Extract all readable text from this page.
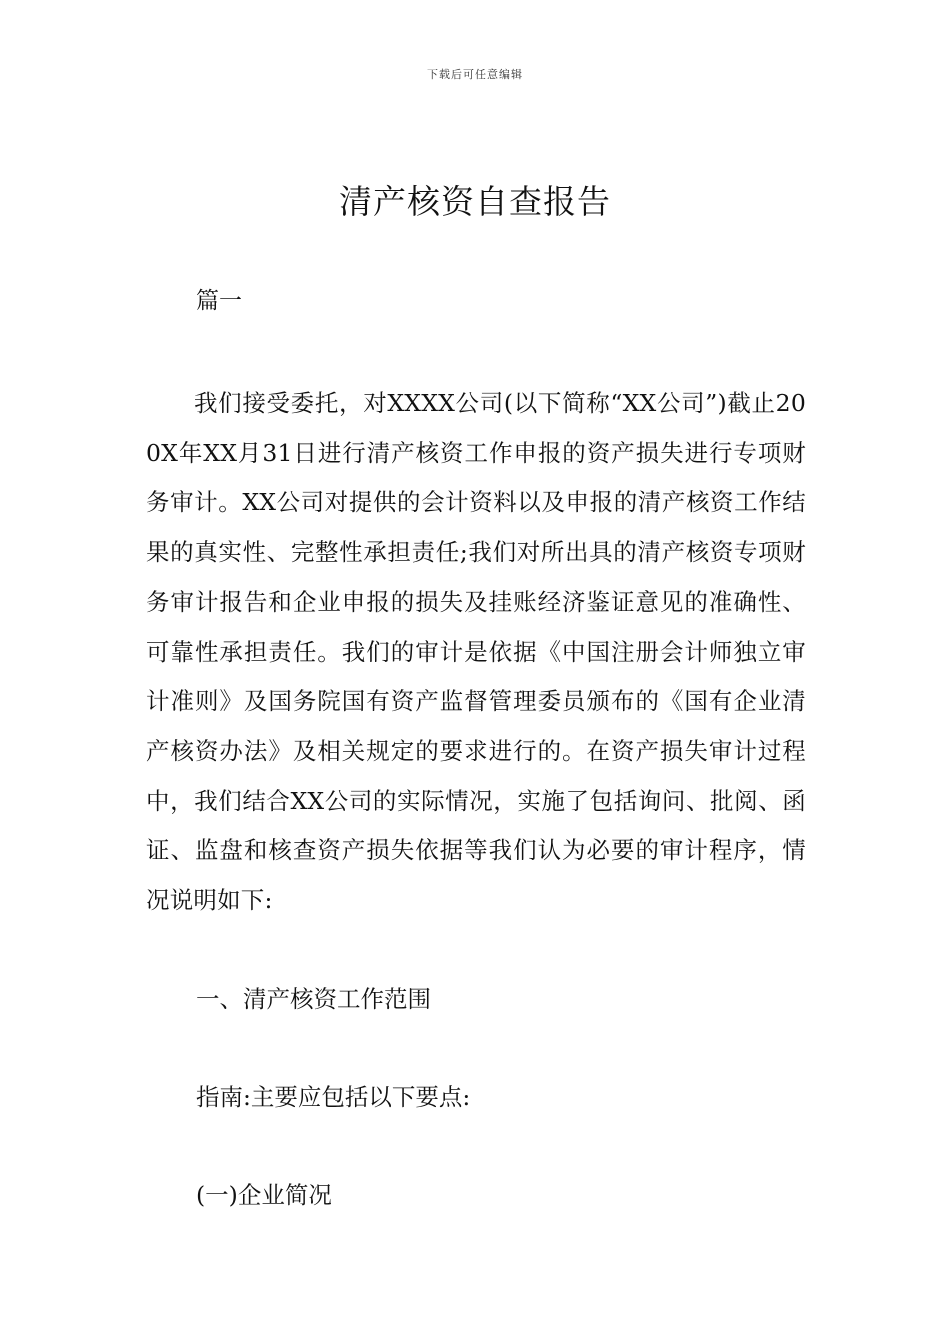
下载后可任意编辑
清产核资自查报告
篇一

我们接受委托，对XXXX公司(以下简称“XX公司”)截止200X年XX月31日进行清产核资工作申报的资产损失进行专项财务审计。XX公司对提供的会计资料以及申报的清产核资工作结果的真实性、完整性承担责任;我们对所出具的清产核资专项财务审计报告和企业申报的损失及挂账经济鉴证意见的准确性、可靠性承担责任。我们的审计是依据《中国注册会计师独立审计准则》及国务院国有资产监督管理委员颁布的《国有企业清产核资办法》及相关规定的要求进行的。在资产损失审计过程中，我们结合XX公司的实际情况，实施了包括询问、批阅、函证、监盘和核查资产损失依据等我们认为必要的审计程序，情况说明如下:

一、清产核资工作范围
指南:主要应包括以下要点:
(一)企业简况
